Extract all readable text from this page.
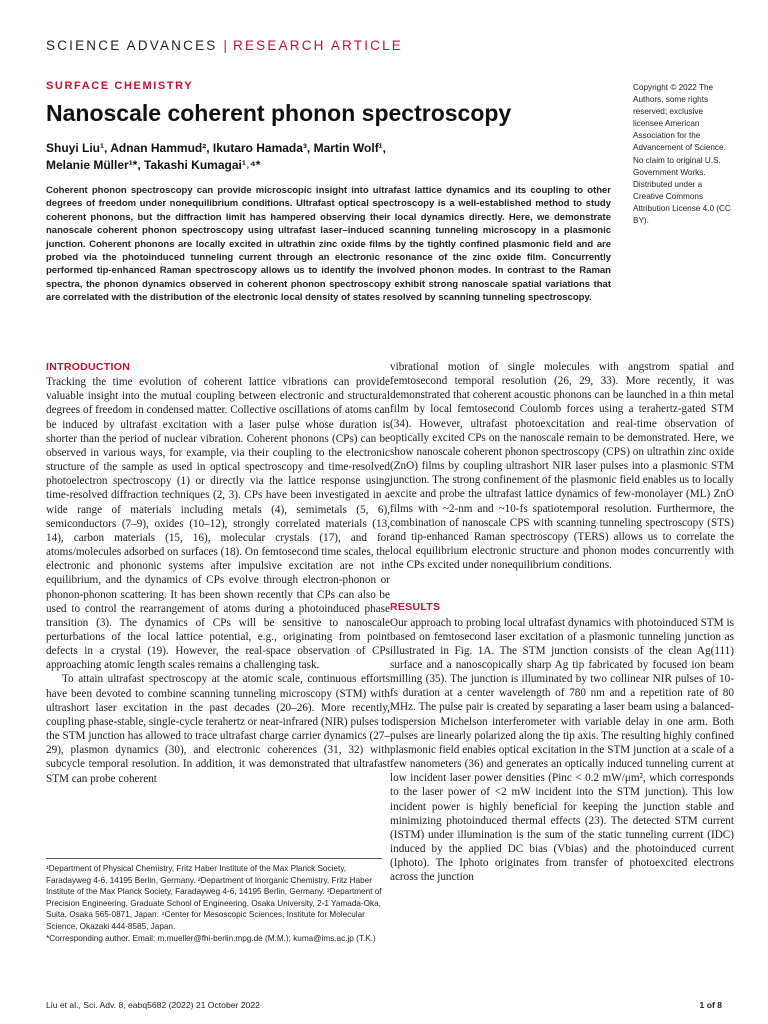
SCIENCE ADVANCES | RESEARCH ARTICLE
SURFACE CHEMISTRY
Nanoscale coherent phonon spectroscopy
Shuyi Liu¹, Adnan Hammud², Ikutaro Hamada³, Martin Wolf¹,
Melanie Müller¹*, Takashi Kumagai¹˒⁴*
Copyright © 2022 The Authors, some rights reserved; exclusive licensee American Association for the Advancement of Science. No claim to original U.S. Government Works. Distributed under a Creative Commons Attribution License 4.0 (CC BY).
Coherent phonon spectroscopy can provide microscopic insight into ultrafast lattice dynamics and its coupling to other degrees of freedom under nonequilibrium conditions. Ultrafast optical spectroscopy is a well-established method to study coherent phonons, but the diffraction limit has hampered observing their local dynamics directly. Here, we demonstrate nanoscale coherent phonon spectroscopy using ultrafast laser–induced scanning tunneling microscopy in a plasmonic junction. Coherent phonons are locally excited in ultrathin zinc oxide films by the tightly confined plasmonic field and are probed via the photoinduced tunneling current through an electronic resonance of the zinc oxide film. Concurrently performed tip-enhanced Raman spectroscopy allows us to identify the involved phonon modes. In contrast to the Raman spectra, the phonon dynamics observed in coherent phonon spectroscopy exhibit strong nanoscale spatial variations that are correlated with the distribution of the electronic local density of states resolved by scanning tunneling spectroscopy.
INTRODUCTION

Tracking the time evolution of coherent lattice vibrations can provide valuable insight into the mutual coupling between electronic and structural degrees of freedom in condensed matter. Collective oscillations of atoms can be induced by ultrafast excitation with a laser pulse whose duration is shorter than the period of nuclear vibration. Coherent phonons (CPs) can be observed in various ways, for example, via their coupling to the electronic structure of the sample as used in optical spectroscopy and time-resolved photoelectron spectroscopy (1) or directly via the lattice response using time-resolved diffraction techniques (2, 3). CPs have been investigated in a wide range of materials including metals (4), semimetals (5, 6), semiconductors (7–9), oxides (10–12), strongly correlated materials (13, 14), carbon materials (15, 16), molecular crystals (17), and for atoms/molecules adsorbed on surfaces (18). On femtosecond time scales, the electronic and phononic systems after impulsive excitation are not in equilibrium, and the dynamics of CPs evolve through electron-phonon or phonon-phonon scattering. It has been shown recently that CPs can also be used to control the rearrangement of atoms during a photoinduced phase transition (3). The dynamics of CPs will be sensitive to nanoscale perturbations of the local lattice potential, e.g., originating from point defects in a crystal (19). However, the real-space observation of CPs approaching atomic length scales remains a challenging task.

To attain ultrafast spectroscopy at the atomic scale, continuous efforts have been devoted to combine scanning tunneling microscopy (STM) with ultrashort laser excitation in the past decades (20–26). More recently, coupling phase-stable, single-cycle terahertz or near-infrared (NIR) pulses to the STM junction has allowed to trace ultrafast charge carrier dynamics (27–29), plasmon dynamics (30), and electronic coherences (31, 32) with subcycle temporal resolution. In addition, it was demonstrated that ultrafast STM can probe coherent

vibrational motion of single molecules with angstrom spatial and femtosecond temporal resolution (26, 29, 33). More recently, it was demonstrated that coherent acoustic phonons can be launched in a thin metal film by local femtosecond Coulomb forces using a terahertz-gated STM (34). However, ultrafast photoexcitation and real-time observation of optically excited CPs on the nanoscale remain to be demonstrated. Here, we show nanoscale coherent phonon spectroscopy (CPS) on ultrathin zinc oxide (ZnO) films by coupling ultrashort NIR laser pulses into a plasmonic STM junction. The strong confinement of the plasmonic field enables us to locally excite and probe the ultrafast lattice dynamics of few-monolayer (ML) ZnO films with ~2-nm and ~10-fs spatiotemporal resolution. Furthermore, the combination of nanoscale CPS with scanning tunneling spectroscopy (STS) and tip-enhanced Raman spectroscopy (TERS) allows us to correlate the local equilibrium electronic structure and phonon modes concurrently with the CPs excited under nonequilibrium conditions.

RESULTS

Our approach to probing local ultrafast dynamics with photoinduced STM is based on femtosecond laser excitation of a plasmonic tunneling junction as illustrated in Fig. 1A. The STM junction consists of the clean Ag(111) surface and a nanoscopically sharp Ag tip fabricated by focused ion beam milling (35). The junction is illuminated by two collinear NIR pulses of 10-fs duration at a center wavelength of 780 nm and a repetition rate of 80 MHz. The pulse pair is created by separating a laser beam using a balanced-dispersion Michelson interferometer with variable delay in one arm. Both pulses are linearly polarized along the tip axis. The resulting highly confined plasmonic field enables optical excitation in the STM junction at a scale of a few nanometers (36) and generates an optically induced tunneling current at low incident laser power densities (Pinc < 0.2 mW/μm², which corresponds to the laser power of <2 mW incident into the STM junction). This low incident power is highly beneficial for keeping the junction stable and minimizing photoinduced thermal effects (23). The detected STM current (ISTM) under illumination is the sum of the static tunneling current (IDC) induced by the applied DC bias (Vbias) and the photoinduced current (Iphoto). The Iphoto originates from transfer of photoexcited electrons across the junction

¹Department of Physical Chemistry, Fritz Haber Institute of the Max Planck Society, Faradayweg 4-6, 14195 Berlin, Germany. ²Department of Inorganic Chemistry, Fritz Haber Institute of the Max Planck Society, Faradayweg 4-6, 14195 Berlin, Germany. ³Department of Precision Engineering, Graduate School of Engineering, Osaka University, 2-1 Yamada-Oka, Suita, Osaka 565-0871, Japan. ⁴Center for Mesoscopic Sciences, Institute for Molecular Science, Okazaki 444-8585, Japan.

*Corresponding author. Email: m.mueller@fhi-berlin.mpg.de (M.M.); kuma@ims.ac.jp (T.K.)

Liu et al., Sci. Adv. 8, eabq5682 (2022) 21 October 2022	1 of 8
